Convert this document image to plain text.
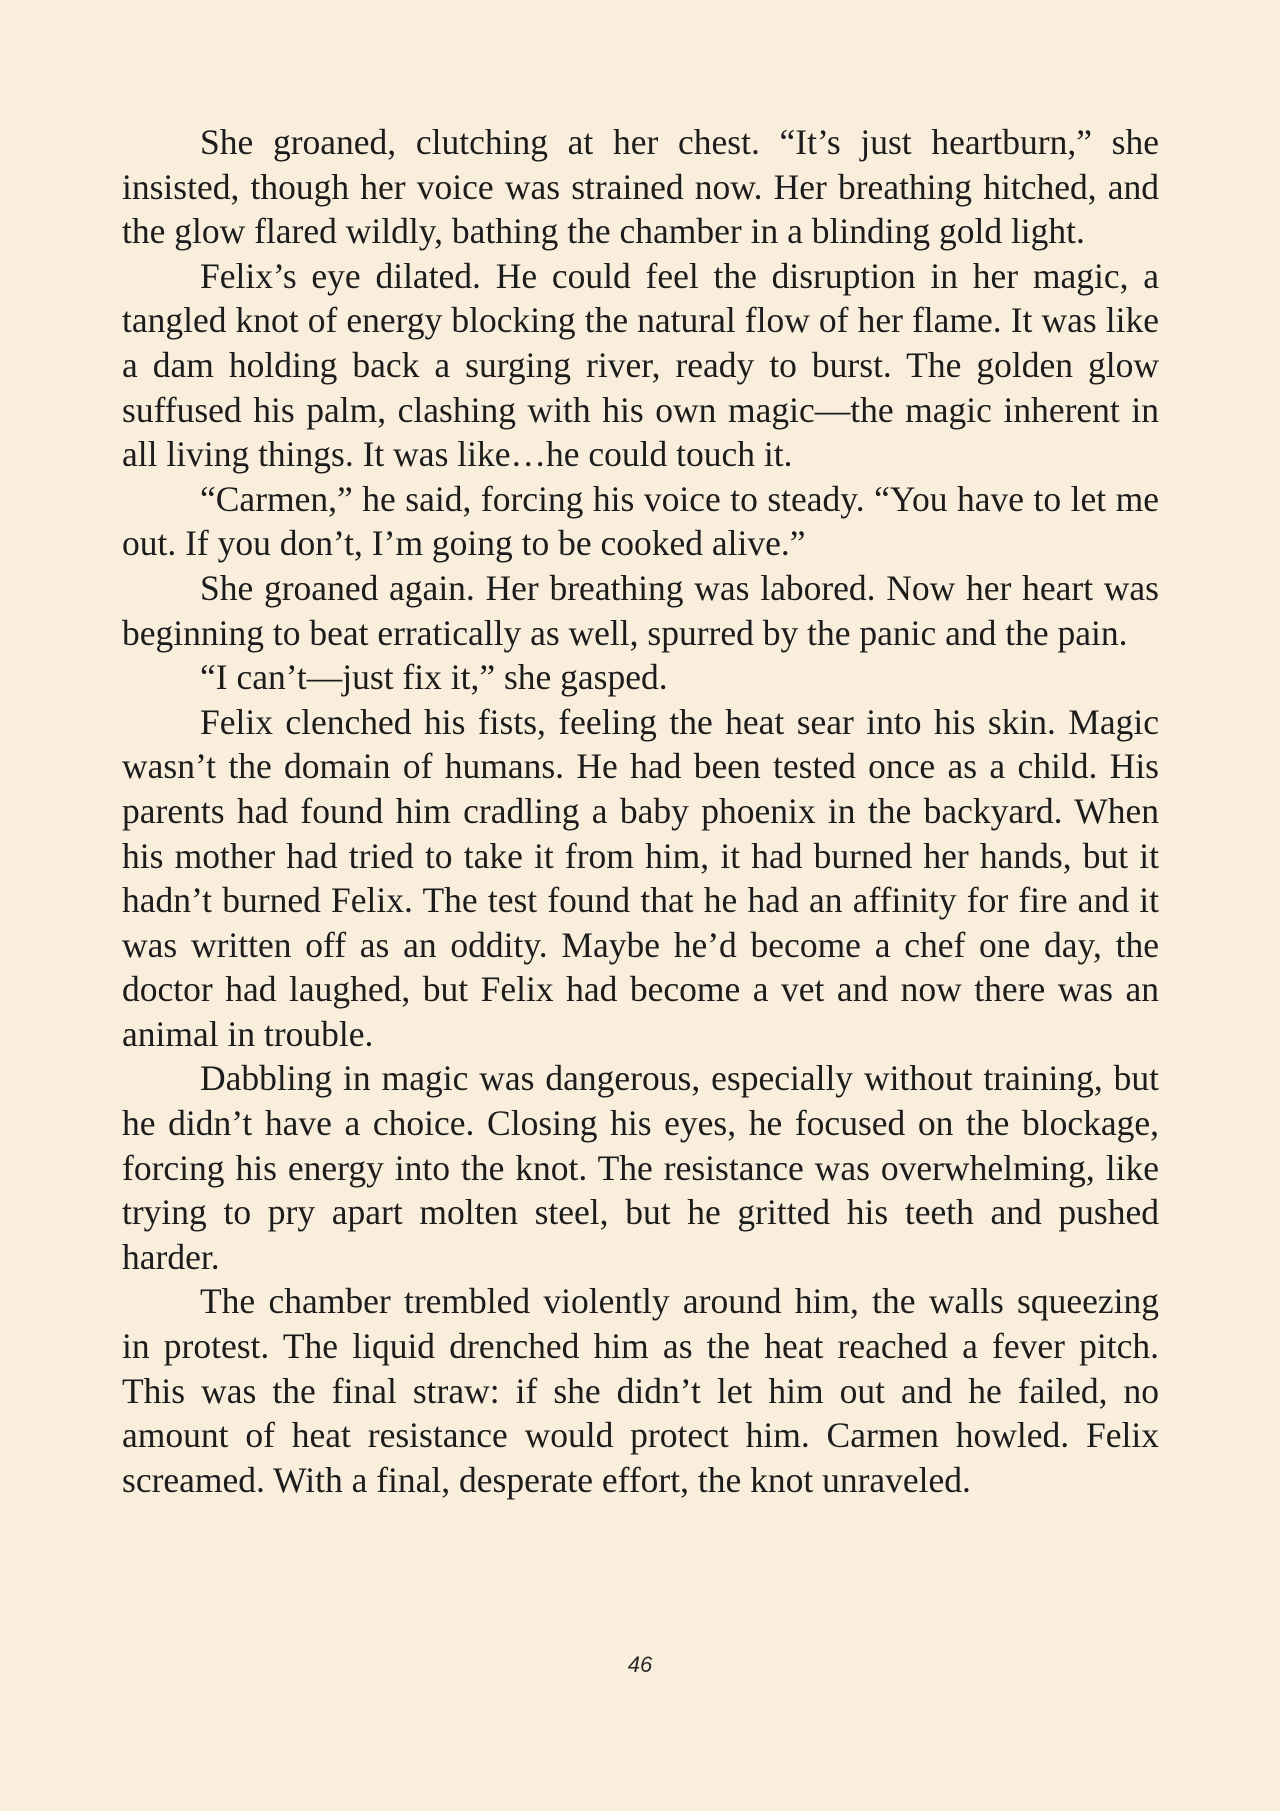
She groaned, clutching at her chest. “It’s just heartburn,” she insisted, though her voice was strained now. Her breathing hitched, and the glow flared wildly, bathing the chamber in a blinding gold light.

Felix’s eye dilated. He could feel the disruption in her magic, a tangled knot of energy blocking the natural flow of her flame. It was like a dam holding back a surging river, ready to burst. The golden glow suffused his palm, clashing with his own magic—the magic inherent in all living things. It was like…he could touch it.

“Carmen,” he said, forcing his voice to steady. “You have to let me out. If you don’t, I’m going to be cooked alive.”

She groaned again. Her breathing was labored. Now her heart was beginning to beat erratically as well, spurred by the panic and the pain.

“I can’t—just fix it,” she gasped.

Felix clenched his fists, feeling the heat sear into his skin. Magic wasn’t the domain of humans. He had been tested once as a child. His parents had found him cradling a baby phoenix in the backyard. When his mother had tried to take it from him, it had burned her hands, but it hadn’t burned Felix. The test found that he had an affinity for fire and it was written off as an oddity. Maybe he’d become a chef one day, the doctor had laughed, but Felix had become a vet and now there was an animal in trouble.

Dabbling in magic was dangerous, especially without training, but he didn’t have a choice. Closing his eyes, he focused on the blockage, forcing his energy into the knot. The resistance was overwhelming, like trying to pry apart molten steel, but he gritted his teeth and pushed harder.

The chamber trembled violently around him, the walls squeezing in protest. The liquid drenched him as the heat reached a fever pitch. This was the final straw: if she didn’t let him out and he failed, no amount of heat resistance would protect him. Carmen howled. Felix screamed. With a final, desperate effort, the knot unraveled.

46
